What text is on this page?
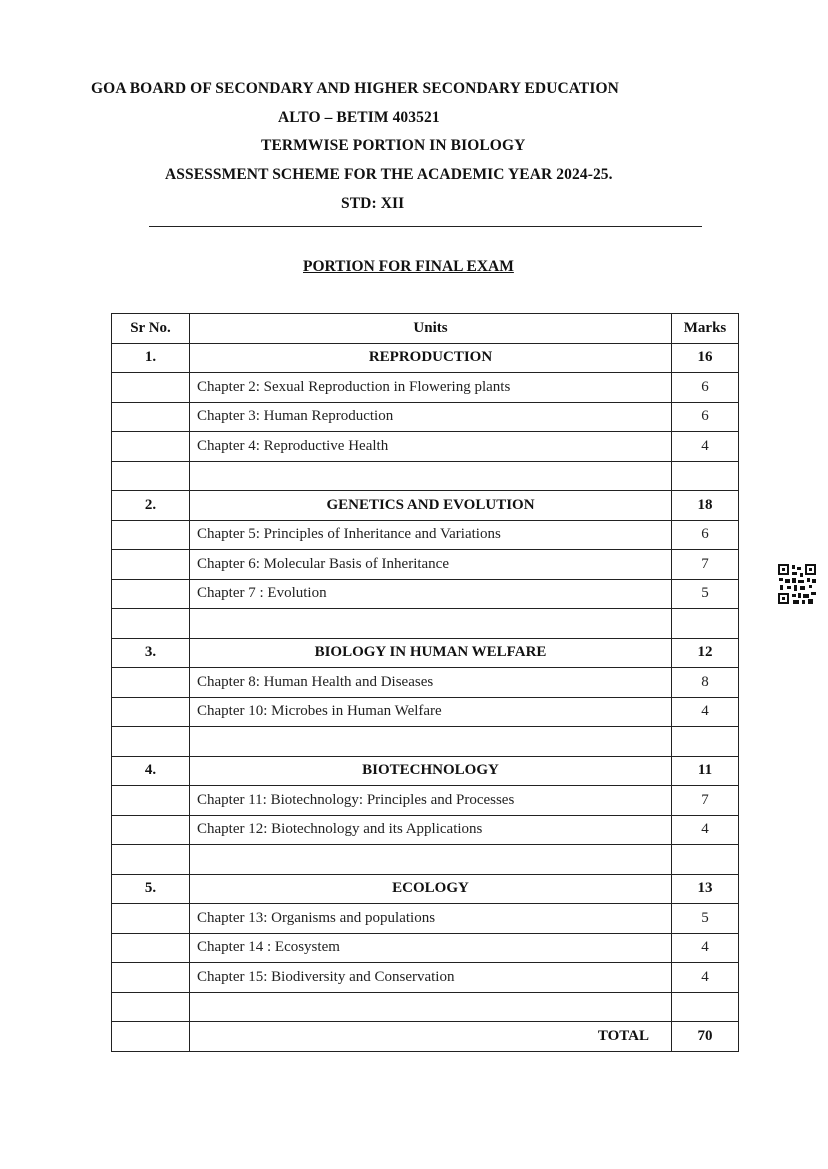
GOA BOARD OF SECONDARY AND HIGHER SECONDARY EDUCATION
ALTO – BETIM 403521
TERMWISE PORTION IN BIOLOGY
ASSESSMENT SCHEME FOR THE ACADEMIC YEAR 2024-25.
STD: XII
PORTION FOR FINAL EXAM
Sr No.	Units	Marks
1.	REPRODUCTION	16
	Chapter 2: Sexual Reproduction in Flowering plants	6
	Chapter 3: Human Reproduction	6
	Chapter 4: Reproductive Health	4

2.	GENETICS AND EVOLUTION	18
	Chapter 5: Principles of Inheritance and Variations	6
	Chapter 6: Molecular Basis of Inheritance	7
	Chapter 7 : Evolution	5

3.	BIOLOGY IN HUMAN WELFARE	12
	Chapter 8: Human Health and Diseases	8
	Chapter 10: Microbes in Human Welfare	4

4.	BIOTECHNOLOGY	11
	Chapter 11: Biotechnology: Principles and Processes	7
	Chapter 12: Biotechnology and its Applications	4

5.	ECOLOGY	13
	Chapter 13: Organisms and populations	5
	Chapter 14 : Ecosystem	4
	Chapter 15: Biodiversity and Conservation	4

	TOTAL	70
